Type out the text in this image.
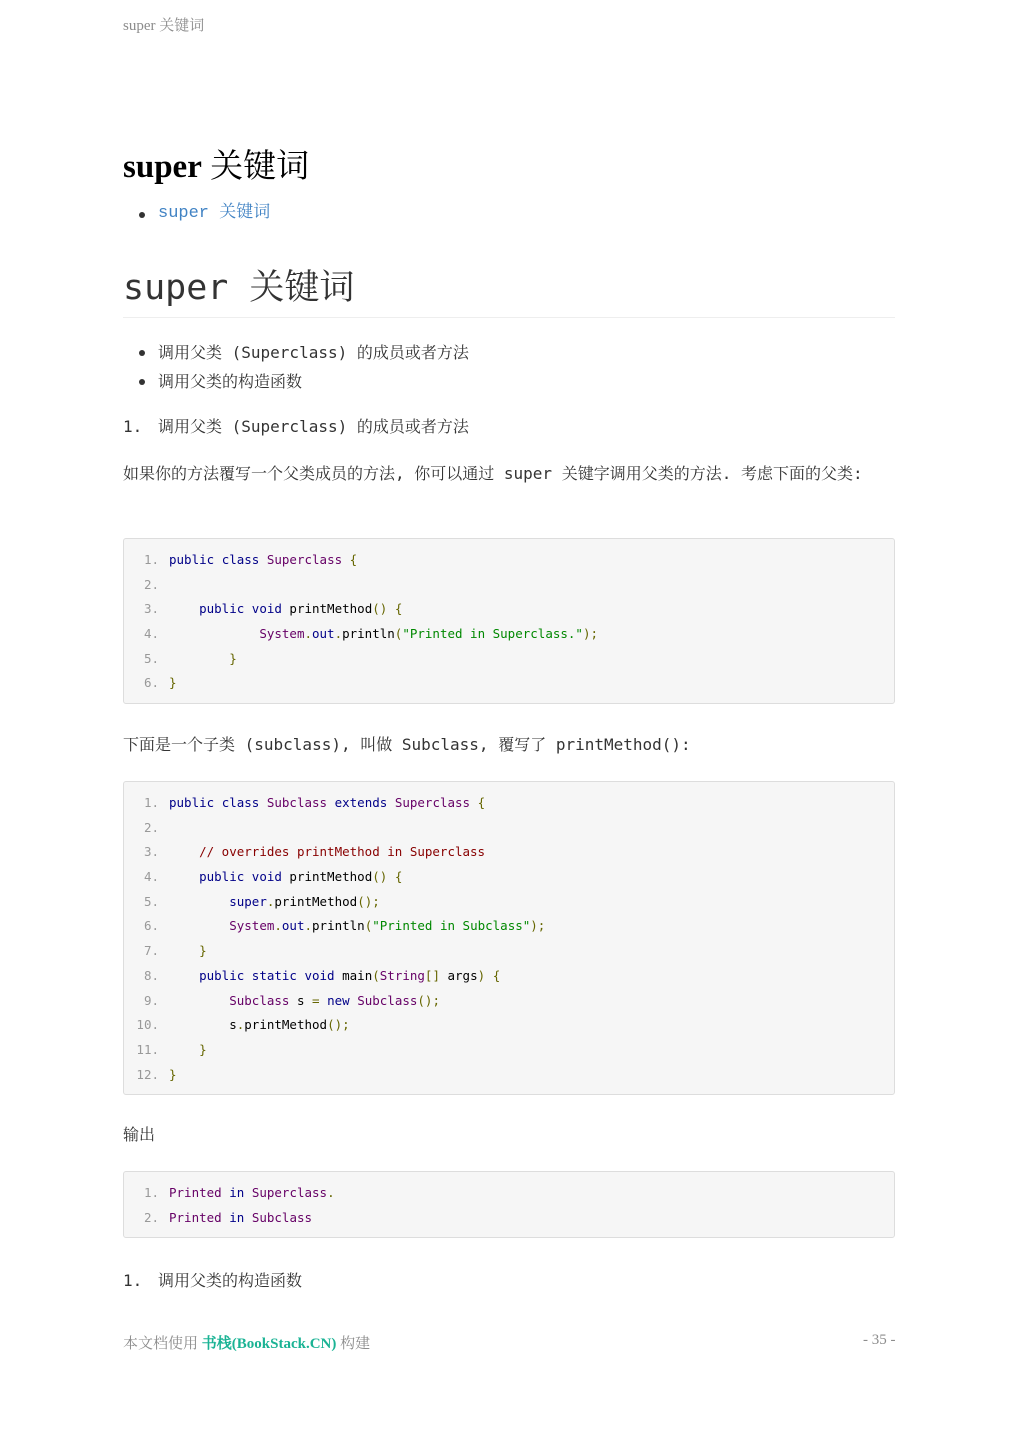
super 关键词
super 关键词
super 关键词
super 关键词
调用父类 (Superclass) 的成员或者方法
调用父类的构造函数
1. 调用父类 (Superclass) 的成员或者方法
如果你的方法覆写一个父类成员的方法, 你可以通过 super 关键字调用父类的方法. 考虑下面的父类:
1. public class Superclass {
2.
3.	public void printMethod() {
4.	System.out.println("Printed in Superclass.");
5.	}
6. }
下面是一个子类 (subclass), 叫做 Subclass, 覆写了 printMethod():
1. public class Subclass extends Superclass {
2.
3.	// overrides printMethod in Superclass
4.	public void printMethod() {
5.	super.printMethod();
6.	System.out.println("Printed in Subclass");
7.	}
8.	public static void main(String[] args) {
9.	Subclass s = new Subclass();
10. s.printMethod();
11.	}
12. }
输出
1. Printed in Superclass.
2. Printed in Subclass
1. 调用父类的构造函数
本文档使用 书栈(BookStack.CN) 构建	- 35 -
